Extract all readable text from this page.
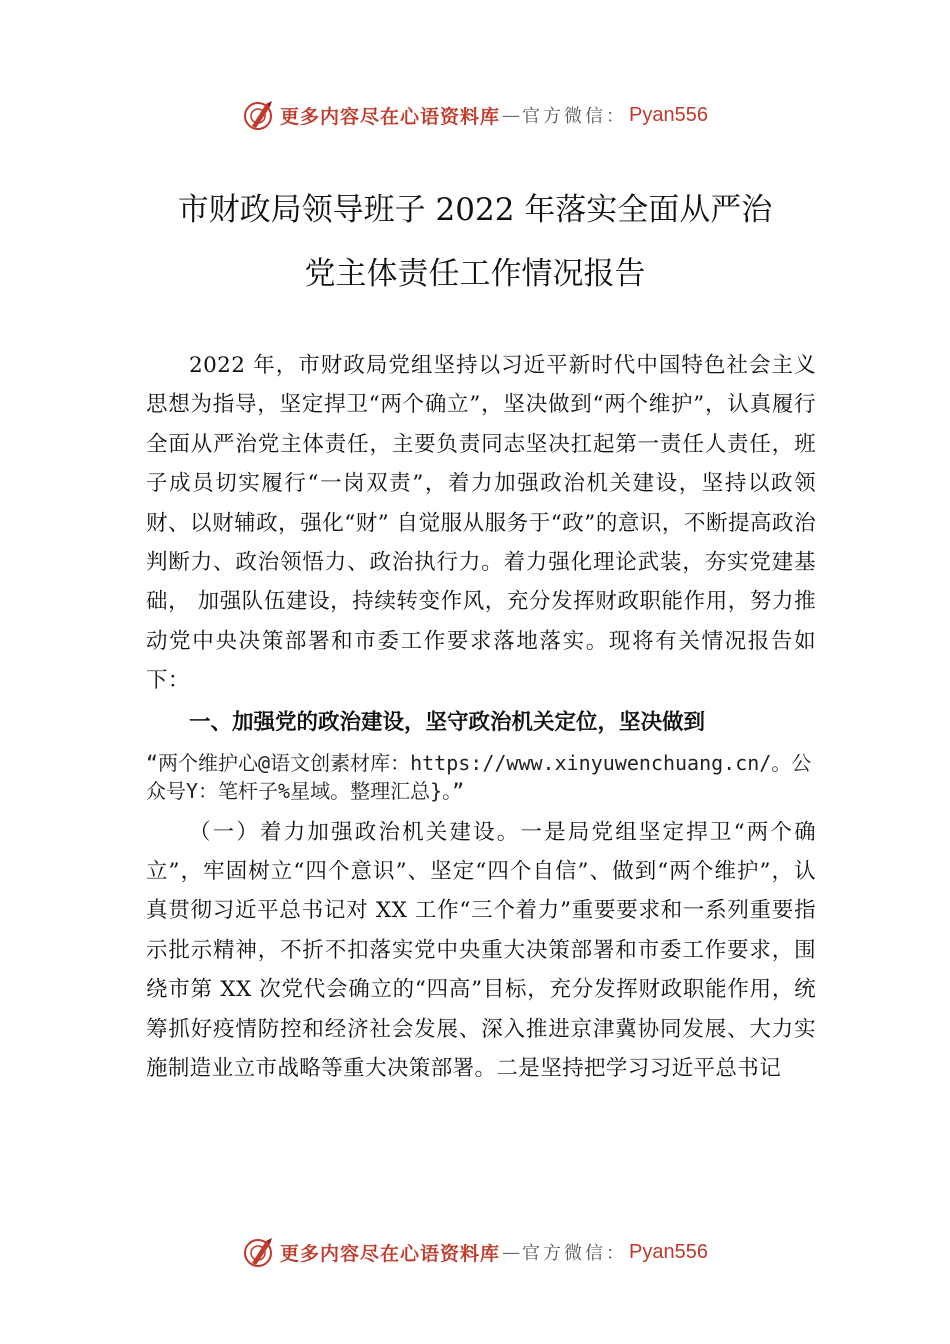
更多内容尽在心语资料库 — 官方微信： Pyan556
市财政局领导班子 2022 年落实全面从严治
党主体责任工作情况报告

2022 年，市财政局党组坚持以习近平新时代中国特色社会主义思想为指导，坚定捍卫“两个确立”，坚决做到“两个维护”，认真履行全面从严治党主体责任，主要负责同志坚决扛起第一责任人责任，班子成员切实履行“一岗双责”，着力加强政治机关建设，坚持以政领财、以财辅政，强化“财” 自觉服从服务于“政”的意识，不断提高政治判断力、政治领悟力、政治执行力。着力强化理论武装，夯实党建基础， 加强队伍建设，持续转变作风，充分发挥财政职能作用，努力推动党中央决策部署和市委工作要求落地落实。现将有关情况报告如下：

一、加强党的政治建设，坚守政治机关定位，坚决做到

“两个维护心@语文创素材库：https://www.xinyuwenchuang.cn/。公众号Y：笔杆子%星域。整理汇总}。”

（一）着力加强政治机关建设。一是局党组坚定捍卫“两个确立”，牢固树立“四个意识”、坚定“四个自信”、做到“两个维护”，认真贯彻习近平总书记对 XX 工作“三个着力”重要要求和一系列重要指示批示精神，不折不扣落实党中央重大决策部署和市委工作要求，围绕市第 XX 次党代会确立的“四高”目标，充分发挥财政职能作用，统筹抓好疫情防控和经济社会发展、深入推进京津冀协同发展、大力实施制造业立市战略等重大决策部署。二是坚持把学习习近平总书记

更多内容尽在心语资料库 — 官方微信： Pyan556
